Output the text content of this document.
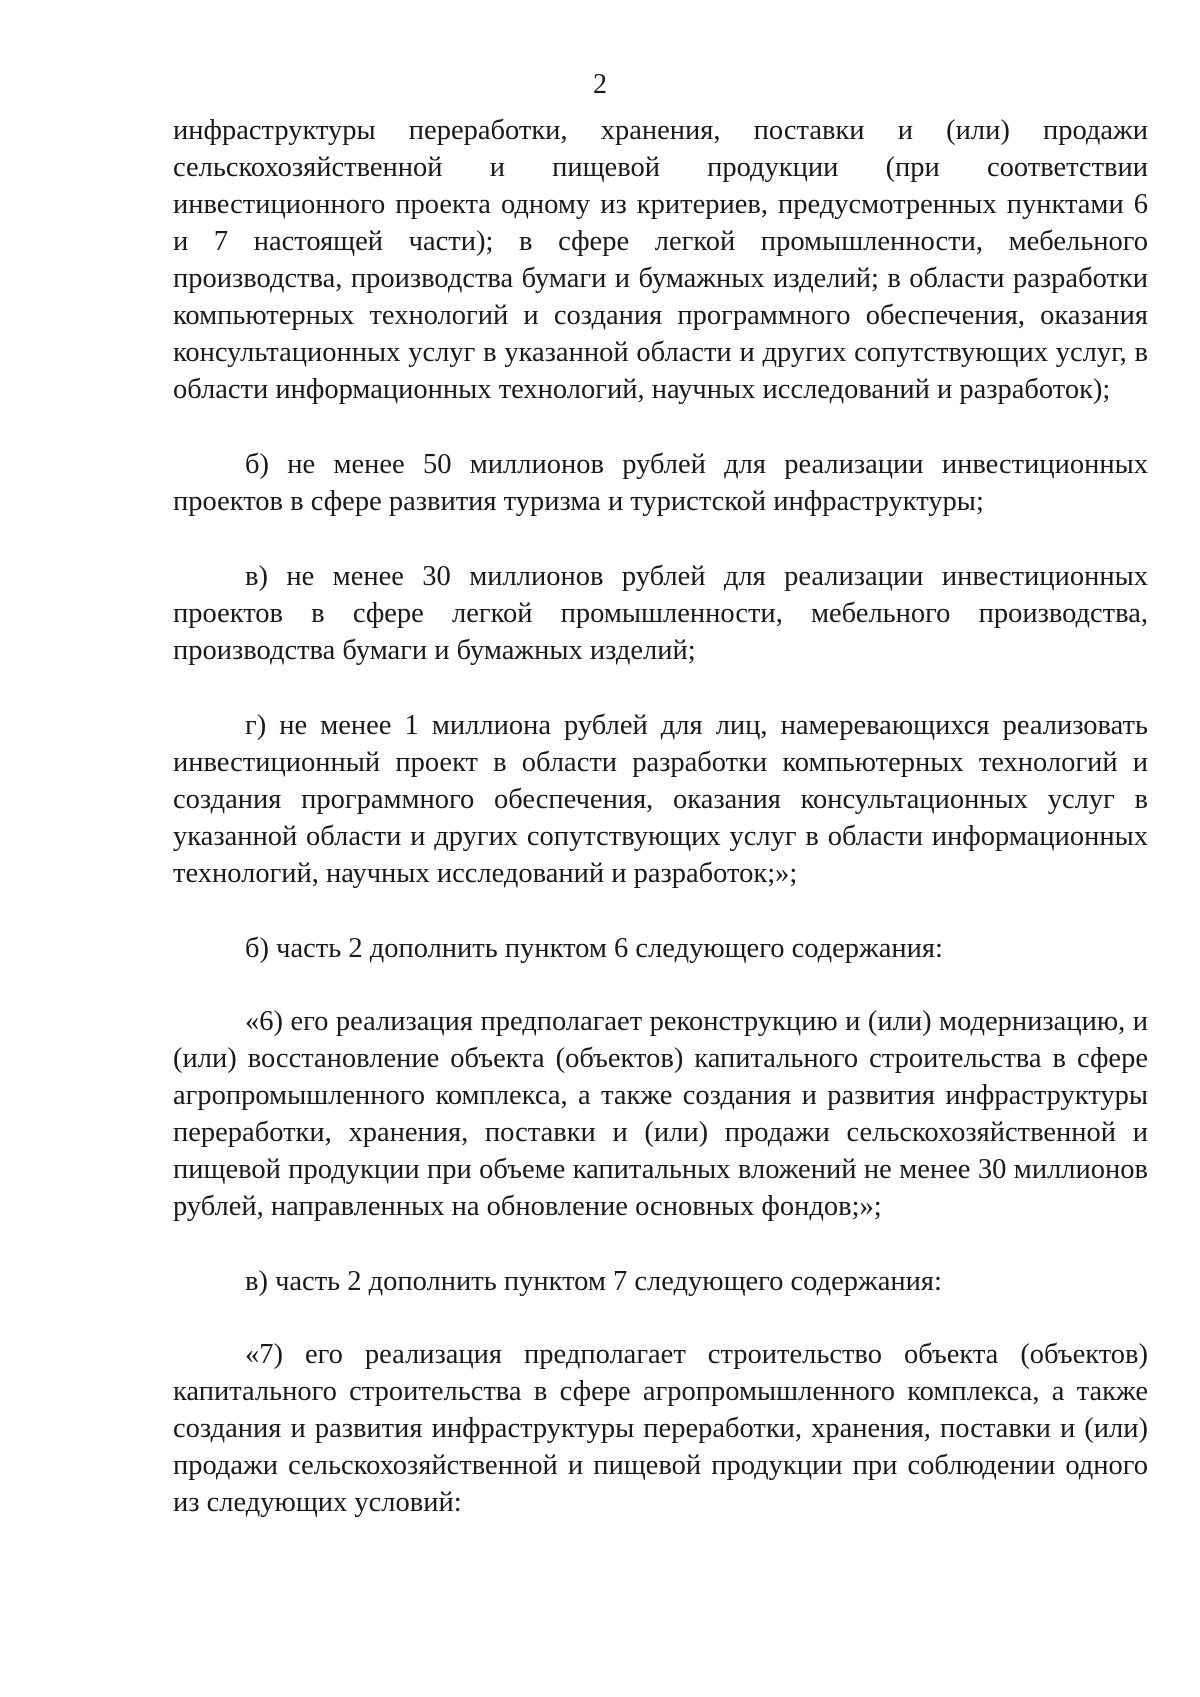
2

инфраструктуры переработки, хранения, поставки и (или) продажи сельскохозяйственной и пищевой продукции (при соответствии инвестиционного проекта одному из критериев, предусмотренных пунктами 6 и 7 настоящей части); в сфере легкой промышленности, мебельного производства, производства бумаги и бумажных изделий; в области разработки компьютерных технологий и создания программного обеспечения, оказания консультационных услуг в указанной области и других сопутствующих услуг, в области информационных технологий, научных исследований и разработок);

б) не менее 50 миллионов рублей для реализации инвестиционных проектов в сфере развития туризма и туристской инфраструктуры;

в) не менее 30 миллионов рублей для реализации инвестиционных проектов в сфере легкой промышленности, мебельного производства, производства бумаги и бумажных изделий;

г) не менее 1 миллиона рублей для лиц, намеревающихся реализовать инвестиционный проект в области разработки компьютерных технологий и создания программного обеспечения, оказания консультационных услуг в указанной области и других сопутствующих услуг в области информационных технологий, научных исследований и разработок;»;

б) часть 2 дополнить пунктом 6 следующего содержания:

«6) его реализация предполагает реконструкцию и (или) модернизацию, и (или) восстановление объекта (объектов) капитального строительства в сфере агропромышленного комплекса, а также создания и развития инфраструктуры переработки, хранения, поставки и (или) продажи сельскохозяйственной и пищевой продукции при объеме капитальных вложений не менее 30 миллионов рублей, направленных на обновление основных фондов;»;

в) часть 2 дополнить пунктом 7 следующего содержания:

«7) его реализация предполагает строительство объекта (объектов) капитального строительства в сфере агропромышленного комплекса, а также создания и развития инфраструктуры переработки, хранения, поставки и (или) продажи сельскохозяйственной и пищевой продукции при соблюдении одного из следующих условий:
